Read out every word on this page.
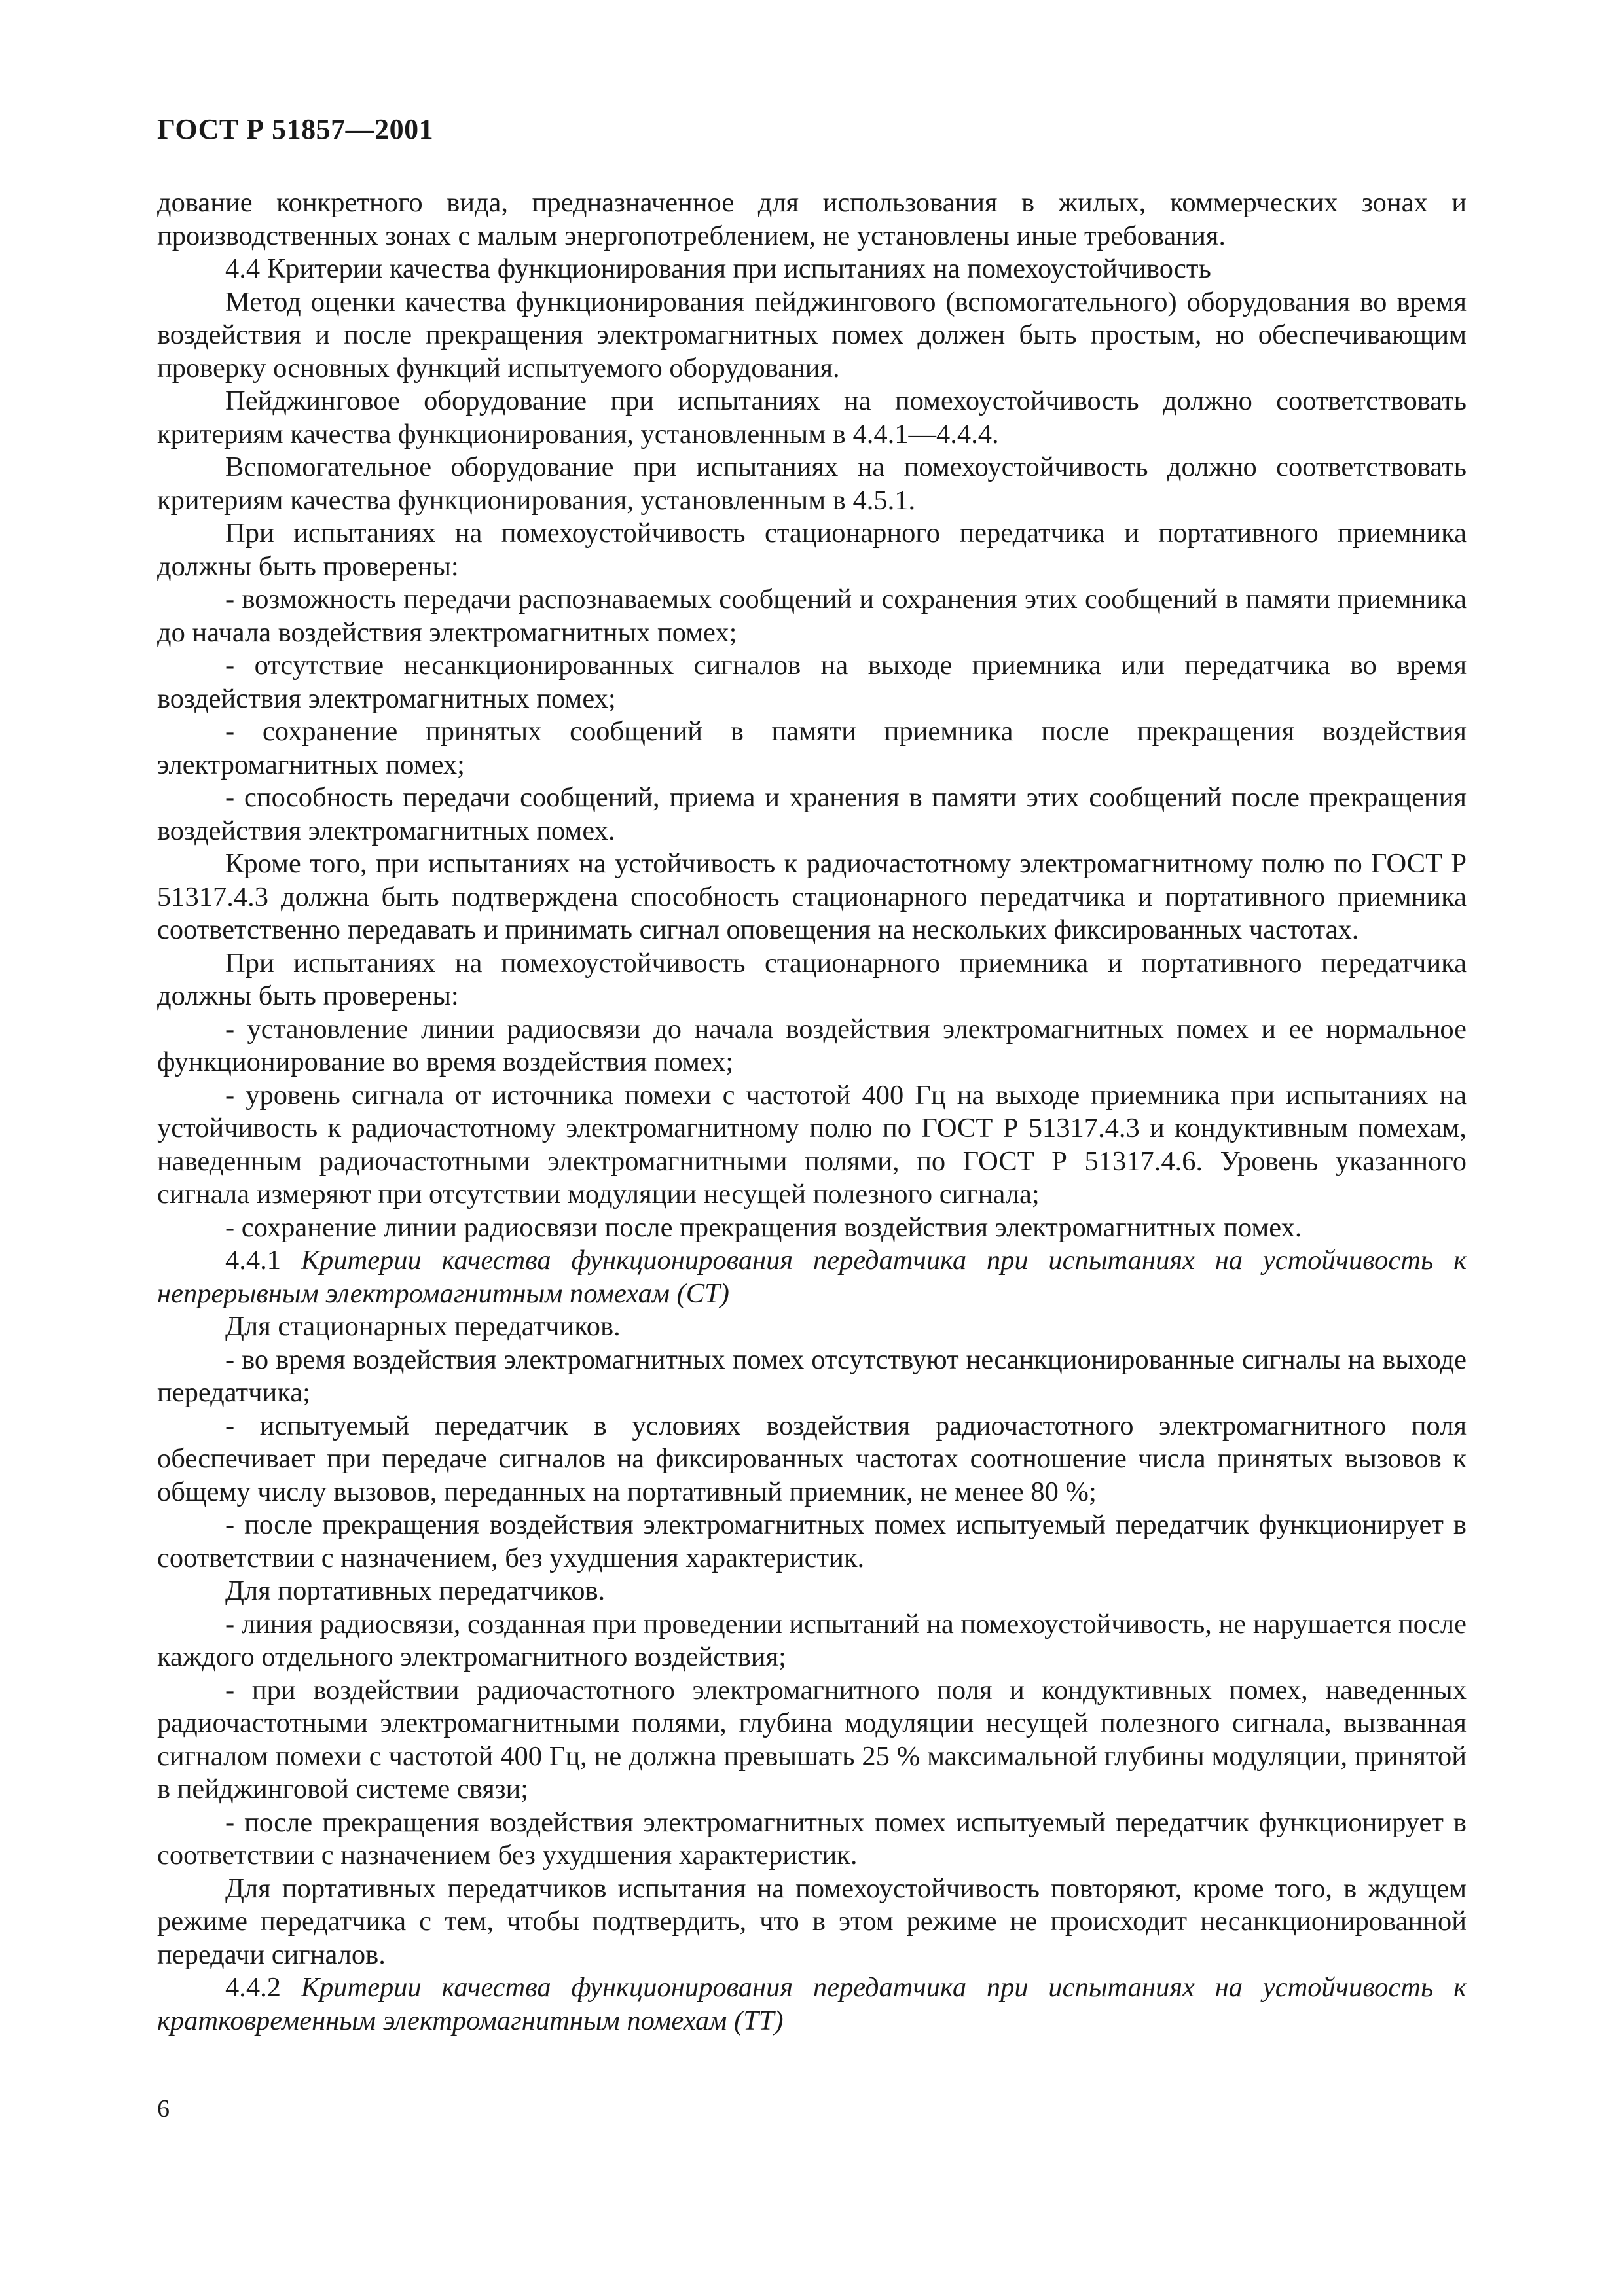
ГОСТ Р 51857—2001

дование конкретного вида, предназначенное для использования в жилых, коммерческих зонах и производственных зонах с малым энергопотреблением, не установлены иные требования.

4.4 Критерии качества функционирования при испытаниях на помехоустойчивость

Метод оценки качества функционирования пейджингового (вспомогательного) оборудования во время воздействия и после прекращения электромагнитных помех должен быть простым, но обеспечивающим проверку основных функций испытуемого оборудования.

Пейджинговое оборудование при испытаниях на помехоустойчивость должно соответствовать критериям качества функционирования, установленным в 4.4.1—4.4.4.

Вспомогательное оборудование при испытаниях на помехоустойчивость должно соответствовать критериям качества функционирования, установленным в 4.5.1.

При испытаниях на помехоустойчивость стационарного передатчика и портативного приемника должны быть проверены:

- возможность передачи распознаваемых сообщений и сохранения этих сообщений в памяти приемника до начала воздействия электромагнитных помех;

- отсутствие несанкционированных сигналов на выходе приемника или передатчика во время воздействия электромагнитных помех;

- сохранение принятых сообщений в памяти приемника после прекращения воздействия электромагнитных помех;

- способность передачи сообщений, приема и хранения в памяти этих сообщений после прекращения воздействия электромагнитных помех.

Кроме того, при испытаниях на устойчивость к радиочастотному электромагнитному полю по ГОСТ Р 51317.4.3 должна быть подтверждена способность стационарного передатчика и портативного приемника соответственно передавать и принимать сигнал оповещения на нескольких фиксированных частотах.

При испытаниях на помехоустойчивость стационарного приемника и портативного передатчика должны быть проверены:

- установление линии радиосвязи до начала воздействия электромагнитных помех и ее нормальное функционирование во время воздействия помех;

- уровень сигнала от источника помехи с частотой 400 Гц на выходе приемника при испытаниях на устойчивость к радиочастотному электромагнитному полю по ГОСТ Р 51317.4.3 и кондуктивным помехам, наведенным радиочастотными электромагнитными полями, по ГОСТ Р 51317.4.6. Уровень указанного сигнала измеряют при отсутствии модуляции несущей полезного сигнала;

- сохранение линии радиосвязи после прекращения воздействия электромагнитных помех.

4.4.1 Критерии качества функционирования передатчика при испытаниях на устойчивость к непрерывным электромагнитным помехам (СТ)

Для стационарных передатчиков.

- во время воздействия электромагнитных помех отсутствуют несанкционированные сигналы на выходе передатчика;

- испытуемый передатчик в условиях воздействия радиочастотного электромагнитного поля обеспечивает при передаче сигналов на фиксированных частотах соотношение числа принятых вызовов к общему числу вызовов, переданных на портативный приемник, не менее 80 %;

- после прекращения воздействия электромагнитных помех испытуемый передатчик функционирует в соответствии с назначением, без ухудшения характеристик.

Для портативных передатчиков.

- линия радиосвязи, созданная при проведении испытаний на помехоустойчивость, не нарушается после каждого отдельного электромагнитного воздействия;

- при воздействии радиочастотного электромагнитного поля и кондуктивных помех, наведенных радиочастотными электромагнитными полями, глубина модуляции несущей полезного сигнала, вызванная сигналом помехи с частотой 400 Гц, не должна превышать 25 % максимальной глубины модуляции, принятой в пейджинговой системе связи;

- после прекращения воздействия электромагнитных помех испытуемый передатчик функционирует в соответствии с назначением без ухудшения характеристик.

Для портативных передатчиков испытания на помехоустойчивость повторяют, кроме того, в ждущем режиме передатчика с тем, чтобы подтвердить, что в этом режиме не происходит несанкционированной передачи сигналов.

4.4.2 Критерии качества функционирования передатчика при испытаниях на устойчивость к кратковременным электромагнитным помехам (ТТ)

6
